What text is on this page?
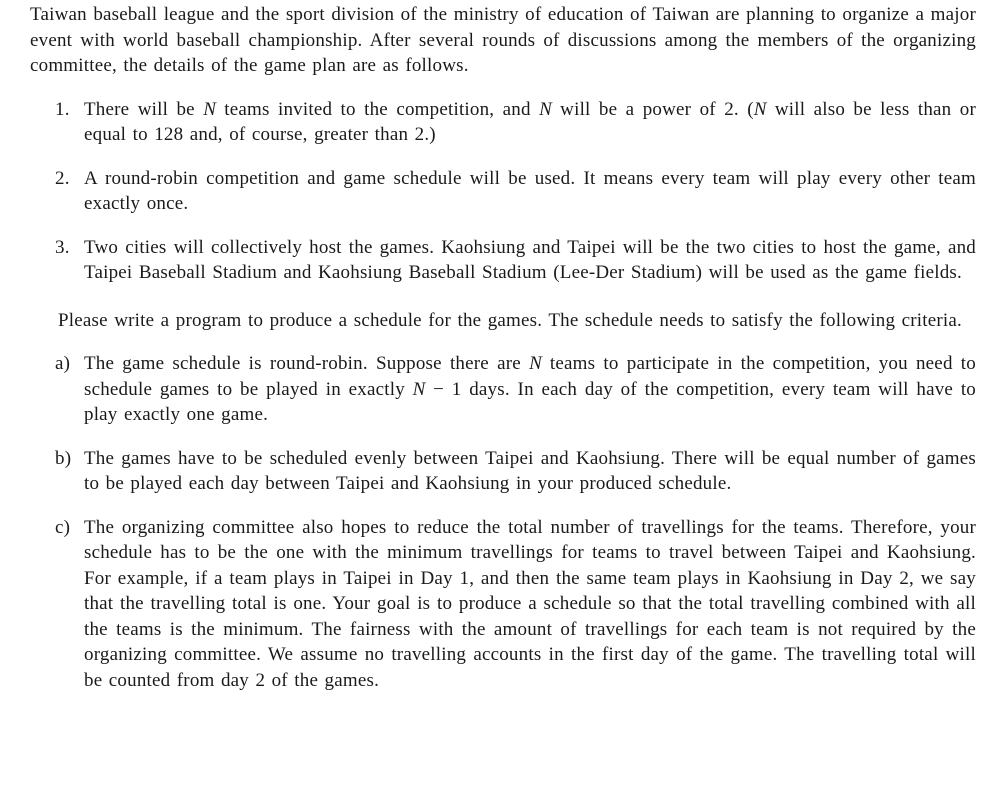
Taiwan baseball league and the sport division of the ministry of education of Taiwan are planning to organize a major event with world baseball championship. After several rounds of discussions among the members of the organizing committee, the details of the game plan are as follows.

1. There will be N teams invited to the competition, and N will be a power of 2. (N will also be less than or equal to 128 and, of course, greater than 2.)
2. A round-robin competition and game schedule will be used. It means every team will play every other team exactly once.
3. Two cities will collectively host the games. Kaohsiung and Taipei will be the two cities to host the game, and Taipei Baseball Stadium and Kaohsiung Baseball Stadium (Lee-Der Stadium) will be used as the game fields.

Please write a program to produce a schedule for the games. The schedule needs to satisfy the following criteria.

a) The game schedule is round-robin. Suppose there are N teams to participate in the competition, you need to schedule games to be played in exactly N − 1 days. In each day of the competition, every team will have to play exactly one game.
b) The games have to be scheduled evenly between Taipei and Kaohsiung. There will be equal number of games to be played each day between Taipei and Kaohsiung in your produced schedule.
c) The organizing committee also hopes to reduce the total number of travellings for the teams. Therefore, your schedule has to be the one with the minimum travellings for teams to travel between Taipei and Kaohsiung. For example, if a team plays in Taipei in Day 1, and then the same team plays in Kaohsiung in Day 2, we say that the travelling total is one. Your goal is to produce a schedule so that the total travelling combined with all the teams is the minimum. The fairness with the amount of travellings for each team is not required by the organizing committee. We assume no travelling accounts in the first day of the game. The travelling total will be counted from day 2 of the games.
